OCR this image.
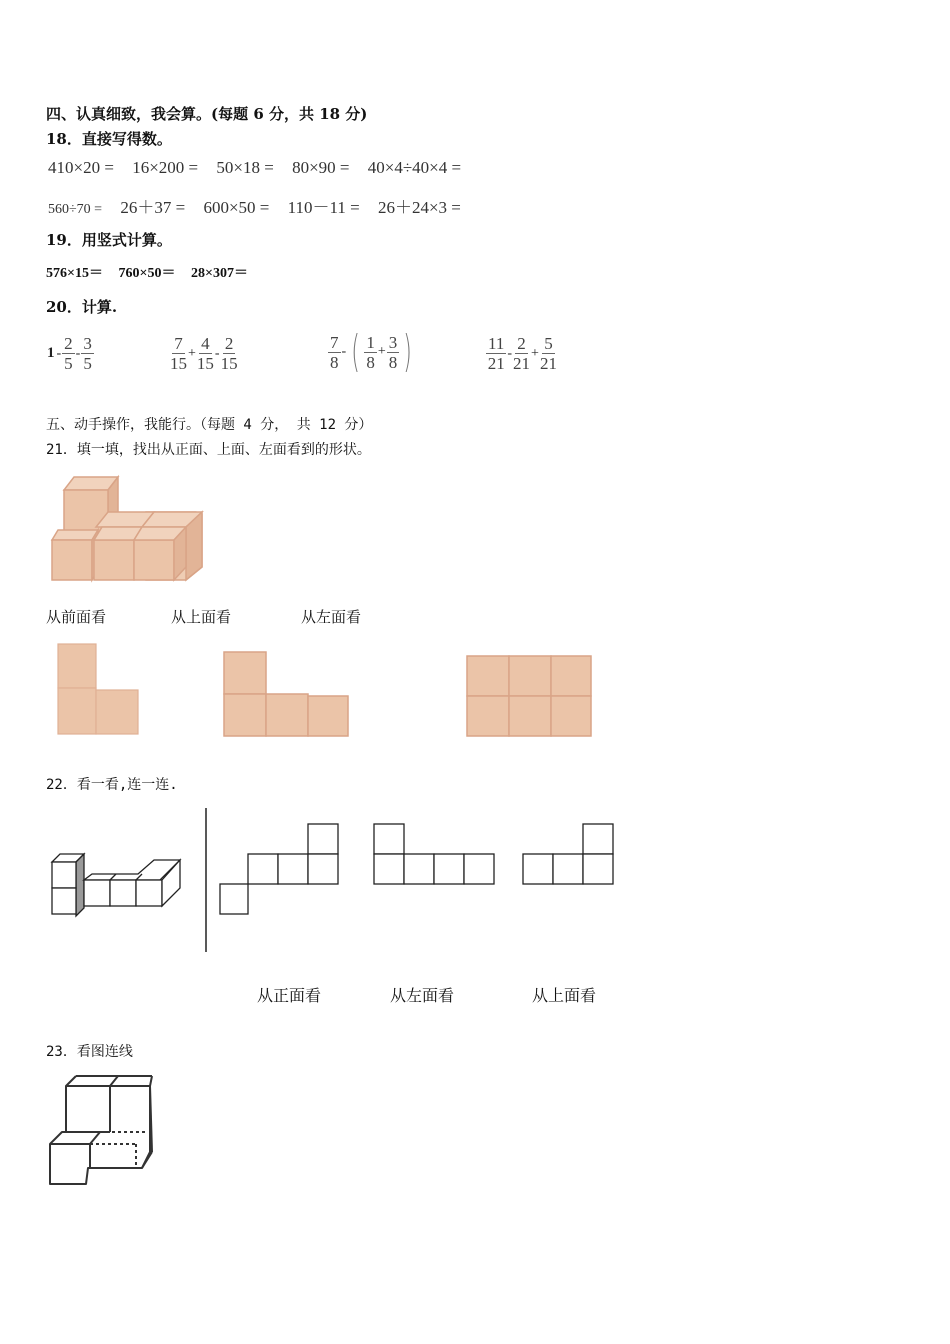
四、认真细致，我会算。(每题 6 分，共 18 分)
18．直接写得数。
410×20 = 16×200 = 50×18 = 80×90 = 40×4÷40×4 =
560÷70 = 26＋37 = 600×50 = 110－11 = 26＋24×3 =
19．用竖式计算。
576×15＝ 760×50＝ 28×307＝
20．计算.
$1 - \frac{2}{5} - \frac{3}{5}$	$\frac{7}{15} + \frac{4}{15} - \frac{2}{15}$	$\frac{7}{8}$ - ( $\frac{1}{8} + \frac{3}{8}$ )	$\frac{11}{21} - \frac{2}{21} + \frac{5}{21}$
五、动手操作，我能行。（每题 4 分， 共 12 分）
21．填一填，找出从正面、上面、左面看到的形状。
从前面看	从上面看	从左面看
22．看一看,连一连.
从正面看	从左面看	从上面看
23．看图连线
